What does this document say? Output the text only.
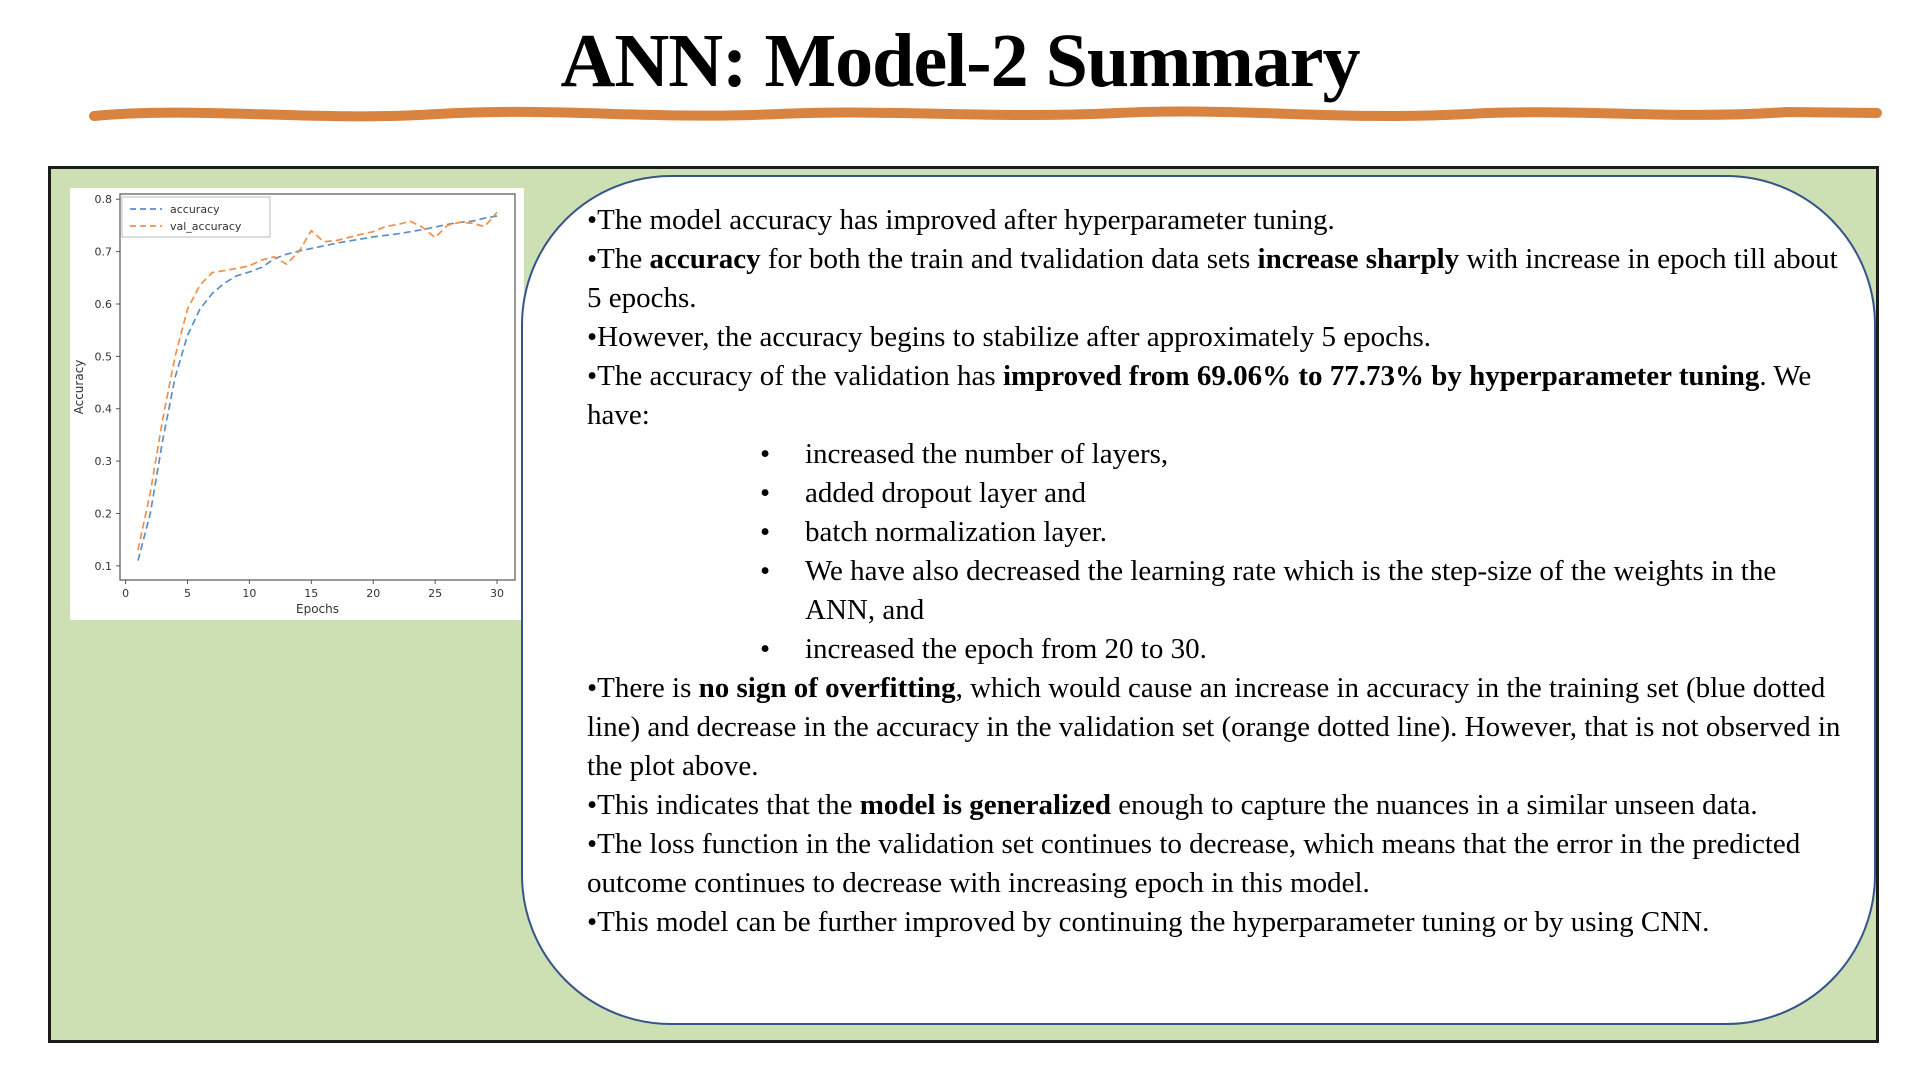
ANN: Model-2 Summary
0	5	10	15	20	25	30
0.1
0.2
0.3
0.4
0.5
0.6
0.7
0.8
Epochs
Accuracy
accuracy
val_accuracy	•The model accuracy has improved after hyperparameter tuning.

•The accuracy for both the train and tvalidation data sets increase sharply with increase in epoch till about 5 epochs.

•However, the accuracy begins to stabilize after approximately 5 epochs.

•The accuracy of the validation has improved from 69.06% to 77.73% by hyperparameter tuning. We have:

• increased the number of layers,

• added dropout layer and

• batch normalization layer.

• We have also decreased the learning rate which is the step-size of the weights in the ANN, and

• increased the epoch from 20 to 30.

•There is no sign of overfitting, which would cause an increase in accuracy in the training set (blue dotted line) and decrease in the accuracy in the validation set (orange dotted line). However, that is not observed in the plot above.

•This indicates that the model is generalized enough to capture the nuances in a similar unseen data.

•The loss function in the validation set continues to decrease, which means that the error in the predicted outcome continues to decrease with increasing epoch in this model.

•This model can be further improved by continuing the hyperparameter tuning or by using CNN.
